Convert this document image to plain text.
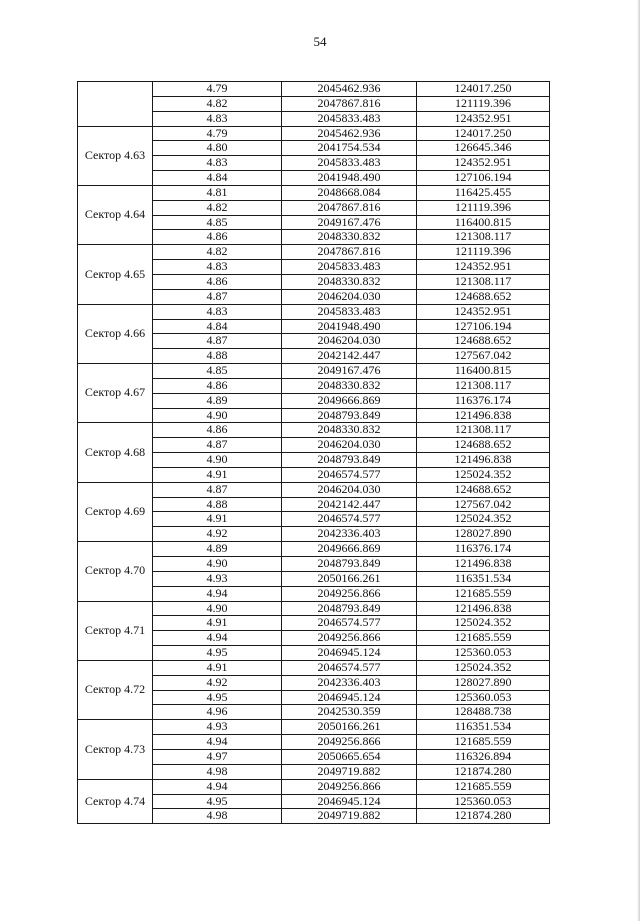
54
	4.79	2045462.936	124017.250
	4.82	2047867.816	121119.396
	4.83	2045833.483	124352.951
Сектор 4.63	4.79	2045462.936	124017.250
	4.80	2041754.534	126645.346
	4.83	2045833.483	124352.951
	4.84	2041948.490	127106.194
Сектор 4.64	4.81	2048668.084	116425.455
	4.82	2047867.816	121119.396
	4.85	2049167.476	116400.815
	4.86	2048330.832	121308.117
Сектор 4.65	4.82	2047867.816	121119.396
	4.83	2045833.483	124352.951
	4.86	2048330.832	121308.117
	4.87	2046204.030	124688.652
Сектор 4.66	4.83	2045833.483	124352.951
	4.84	2041948.490	127106.194
	4.87	2046204.030	124688.652
	4.88	2042142.447	127567.042
Сектор 4.67	4.85	2049167.476	116400.815
	4.86	2048330.832	121308.117
	4.89	2049666.869	116376.174
	4.90	2048793.849	121496.838
Сектор 4.68	4.86	2048330.832	121308.117
	4.87	2046204.030	124688.652
	4.90	2048793.849	121496.838
	4.91	2046574.577	125024.352
Сектор 4.69	4.87	2046204.030	124688.652
	4.88	2042142.447	127567.042
	4.91	2046574.577	125024.352
	4.92	2042336.403	128027.890
Сектор 4.70	4.89	2049666.869	116376.174
	4.90	2048793.849	121496.838
	4.93	2050166.261	116351.534
	4.94	2049256.866	121685.559
Сектор 4.71	4.90	2048793.849	121496.838
	4.91	2046574.577	125024.352
	4.94	2049256.866	121685.559
	4.95	2046945.124	125360.053
Сектор 4.72	4.91	2046574.577	125024.352
	4.92	2042336.403	128027.890
	4.95	2046945.124	125360.053
	4.96	2042530.359	128488.738
Сектор 4.73	4.93	2050166.261	116351.534
	4.94	2049256.866	121685.559
	4.97	2050665.654	116326.894
	4.98	2049719.882	121874.280
Сектор 4.74	4.94	2049256.866	121685.559
	4.95	2046945.124	125360.053
	4.98	2049719.882	121874.280
